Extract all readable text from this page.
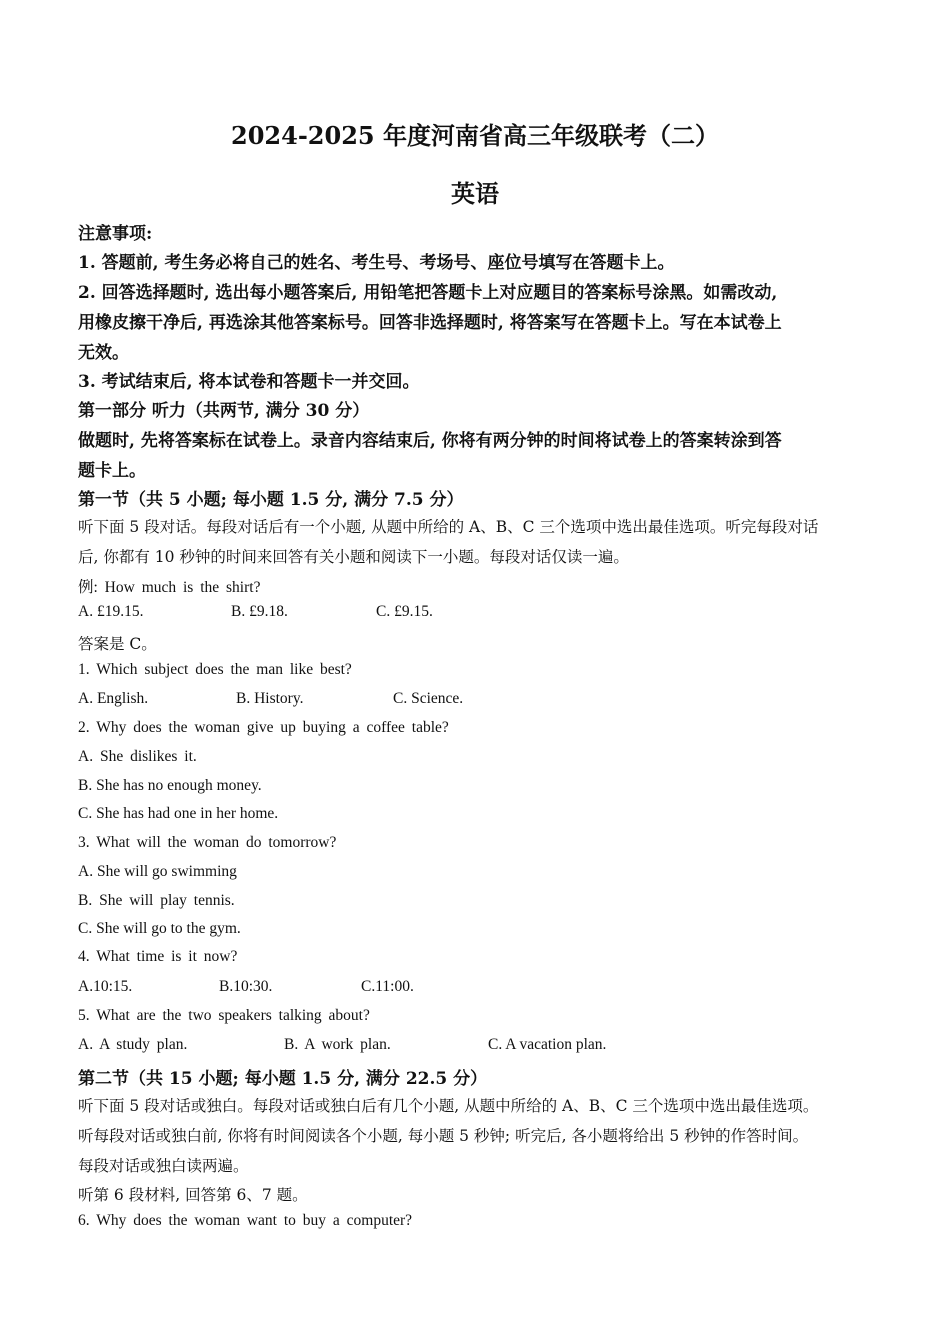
2024-2025 年度河南省高三年级联考（二）
英语
注意事项:
1. 答题前, 考生务必将自己的姓名、考生号、考场号、座位号填写在答题卡上。
2. 回答选择题时, 选出每小题答案后, 用铅笔把答题卡上对应题目的答案标号涂黑。如需改动,
用橡皮擦干净后, 再选涂其他答案标号。回答非选择题时, 将答案写在答题卡上。写在本试卷上
无效。
3. 考试结束后, 将本试卷和答题卡一并交回。
第一部分 听力（共两节, 满分 30 分）
做题时, 先将答案标在试卷上。录音内容结束后, 你将有两分钟的时间将试卷上的答案转涂到答
题卡上。
第一节（共 5 小题; 每小题 1.5 分, 满分 7.5 分）
听下面 5 段对话。每段对话后有一个小题, 从题中所给的 A、B、C 三个选项中选出最佳选项。听完每段对话
后, 你都有 10 秒钟的时间来回答有关小题和阅读下一小题。每段对话仅读一遍。
例: How much is the shirt?
A. £19.15.	B. £9.18.	C. £9.15.
答案是 C。
1. Which subject does the man like best?
A. English.	B. History.	C. Science.
2. Why does the woman give up buying a coffee table?
A. She dislikes it.
B. She has no enough money.
C. She has had one in her home.
3. What will the woman do tomorrow?
A. She will go swimming
B. She will play tennis.
C. She will go to the gym.
4. What time is it now?
A.10:15.	B.10:30.	C.11:00.
5. What are the two speakers talking about?
A. A study plan.	B. A work plan.	C. A vacation plan.
第二节（共 15 小题; 每小题 1.5 分, 满分 22.5 分）
听下面 5 段对话或独白。每段对话或独白后有几个小题, 从题中所给的 A、B、C 三个选项中选出最佳选项。
听每段对话或独白前, 你将有时间阅读各个小题, 每小题 5 秒钟; 听完后, 各小题将给出 5 秒钟的作答时间。
每段对话或独白读两遍。
听第 6 段材料, 回答第 6、7 题。
6. Why does the woman want to buy a computer?
